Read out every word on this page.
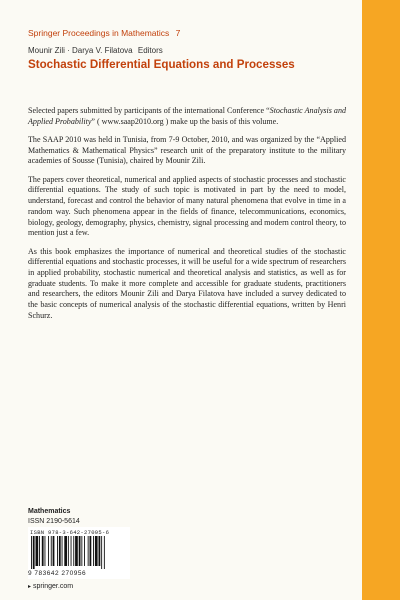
Springer Proceedings in Mathematics 7
Mounir Zili · Darya V. Filatova Editors
Stochastic Differential Equations and Processes

Selected papers submitted by participants of the international Conference “Stochastic Analysis and Applied Probability” ( www.saap2010.org ) make up the basis of this volume.

The SAAP 2010 was held in Tunisia, from 7-9 October, 2010, and was organized by the “Applied Mathematics & Mathematical Physics” research unit of the preparatory institute to the military academies of Sousse (Tunisia), chaired by Mounir Zili.

The papers cover theoretical, numerical and applied aspects of stochastic processes and stochastic differential equations. The study of such topic is motivated in part by the need to model, understand, forecast and control the behavior of many natural phenomena that evolve in time in a random way. Such phenomena appear in the fields of finance, telecommunications, economics, biology, geology, demography, physics, chemistry, signal processing and modern control theory, to mention just a few.

As this book emphasizes the importance of numerical and theoretical studies of the stochastic differential equations and stochastic processes, it will be useful for a wide spectrum of researchers in applied probability, stochastic numerical and theoretical analysis and statistics, as well as for graduate students. To make it more complete and accessible for graduate students, practitioners and researchers, the editors Mounir Zili and Darya Filatova have included a survey dedicated to the basic concepts of numerical analysis of the stochastic differential equations, written by Henri Schurz.

Mathematics
ISSN 2190-5614
ISBN 978-3-642-27095-6
9 783642 270956
▸ springer.com
